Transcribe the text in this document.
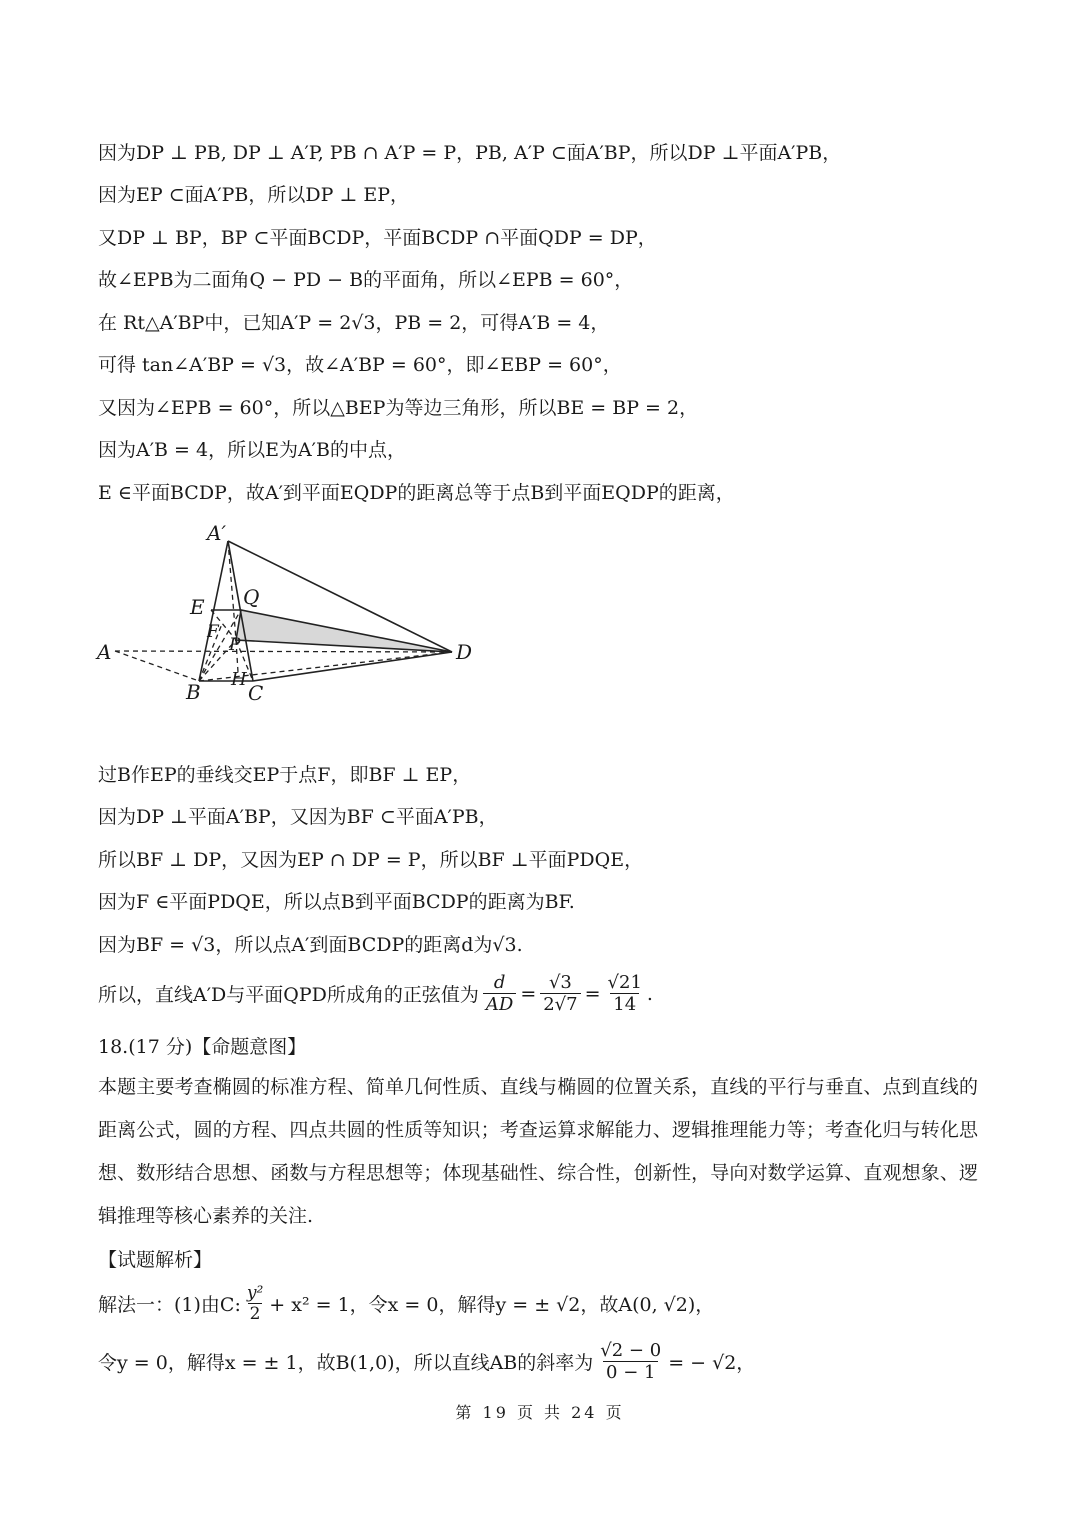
因为DP ⊥ PB, DP ⊥ A′P, PB ∩ A′P = P，PB, A′P ⊂面A′BP，所以DP ⊥平面A′PB，
因为EP ⊂面A′PB，所以DP ⊥ EP，
又DP ⊥ BP，BP ⊂平面BCDP，平面BCDP ∩平面QDP = DP，
故∠EPB为二面角Q − PD − B的平面角，所以∠EPB = 60°，
在 Rt△A′BP中，已知A′P = 2√3，PB = 2，可得A′B = 4，
可得 tan∠A′BP = √3，故∠A′BP = 60°，即∠EBP = 60°，
又因为∠EPB = 60°，所以△BEP为等边三角形，所以BE = BP = 2，
因为A′B = 4，所以E为A′B的中点，
E ∈平面BCDP，故A′到平面EQDP的距离总等于点B到平面EQDP的距离，
A′
E Q
F
P
A	D
H
B C
过B作EP的垂线交EP于点F，即BF ⊥ EP，
因为DP ⊥平面A′BP，又因为BF ⊂平面A′PB，
所以BF ⊥ DP，又因为EP ∩ DP = P，所以BF ⊥平面PDQE，
因为F ∈平面PDQE，所以点B到平面BCDP的距离为BF.
因为BF = √3，所以点A′到面BCDP的距离d为√3.
所以，直线A′D与平面QPD所成角的正弦值为 $\frac{d}{AD} = \frac{√3}{2√7} = \frac{√21}{14}$ .
18.(17 分)【命题意图】
本题主要考查椭圆的标准方程、简单几何性质、直线与椭圆的位置关系，直线的平行与垂直、点到直线的距离公式，圆的方程、四点共圆的性质等知识；考查运算求解能力、逻辑推理能力等；考查化归与转化思想、数形结合思想、函数与方程思想等；体现基础性、综合性，创新性，导向对数学运算、直观想象、逻辑推理等核心素养的关注.
【试题解析】
解法一：(1)由C:
y²
2 + x² = 1，令x = 0，解得y = ± √2，故A(0, √2)，
令y = 0，解得x = ± 1，故B(1,0)，所以直线AB的斜率为 $\frac{√2 - 0}{0 - 1}$ = − √2，
第 19 页 共 24 页
